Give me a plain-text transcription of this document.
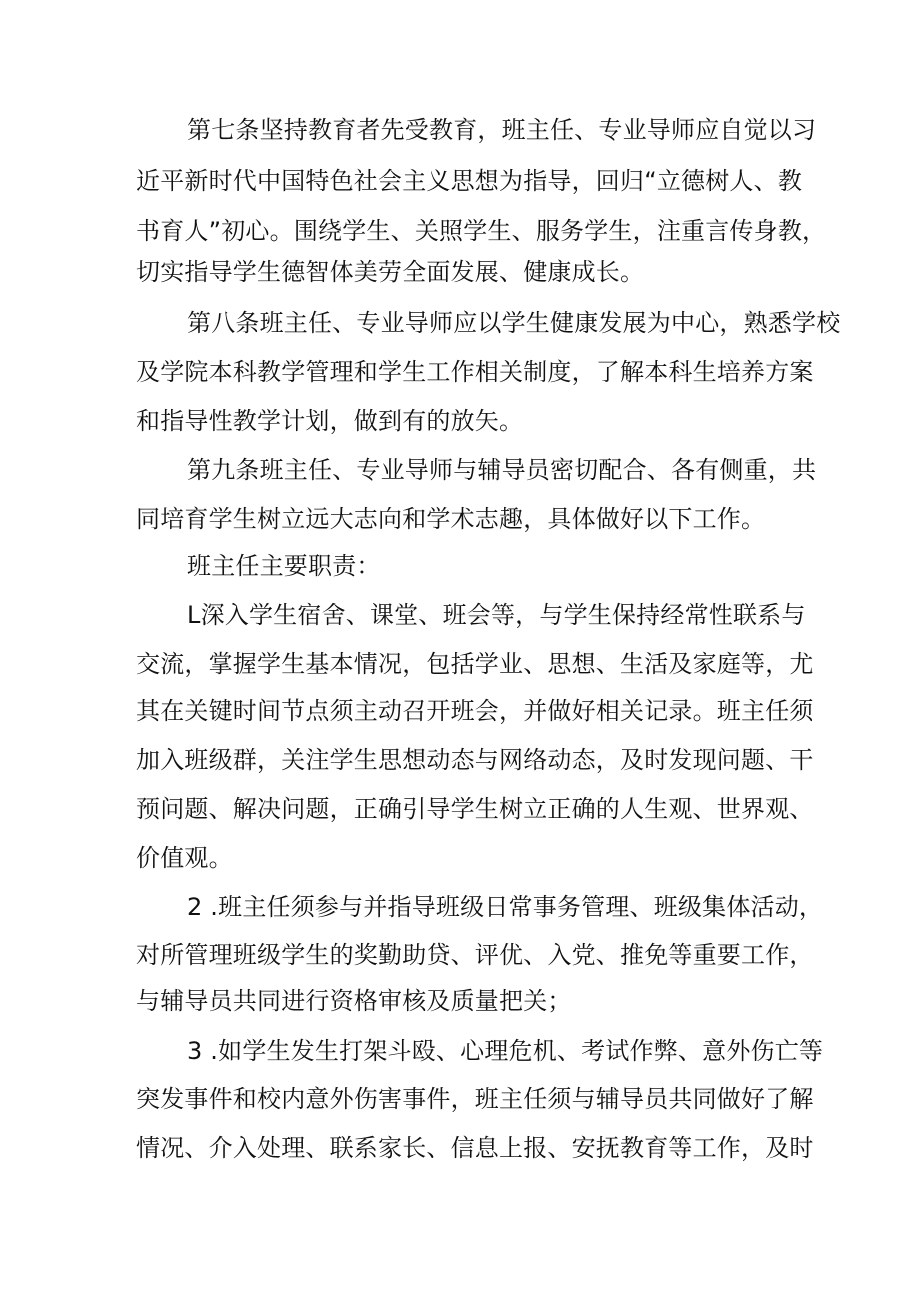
第七条坚持教育者先受教育，班主任、专业导师应自觉以习
近平新时代中国特色社会主义思想为指导，回归“立德树人、教
书育人”初心。围绕学生、关照学生、服务学生，注重言传身教，
切实指导学生德智体美劳全面发展、健康成长。
第八条班主任、专业导师应以学生健康发展为中心，熟悉学校
及学院本科教学管理和学生工作相关制度，了解本科生培养方案
和指导性教学计划，做到有的放矢。
第九条班主任、专业导师与辅导员密切配合、各有侧重，共
同培育学生树立远大志向和学术志趣，具体做好以下工作。
班主任主要职责：
L深入学生宿舍、课堂、班会等，与学生保持经常性联系与
交流，掌握学生基本情况，包括学业、思想、生活及家庭等，尤
其在关键时间节点须主动召开班会，并做好相关记录。班主任须
加入班级群，关注学生思想动态与网络动态，及时发现问题、干
预问题、解决问题，正确引导学生树立正确的人生观、世界观、
价值观。
2 .班主任须参与并指导班级日常事务管理、班级集体活动，
对所管理班级学生的奖勤助贷、评优、入党、推免等重要工作，
与辅导员共同进行资格审核及质量把关；
3 .如学生发生打架斗殴、心理危机、考试作弊、意外伤亡等
突发事件和校内意外伤害事件，班主任须与辅导员共同做好了解
情况、介入处理、联系家长、信息上报、安抚教育等工作，及时
